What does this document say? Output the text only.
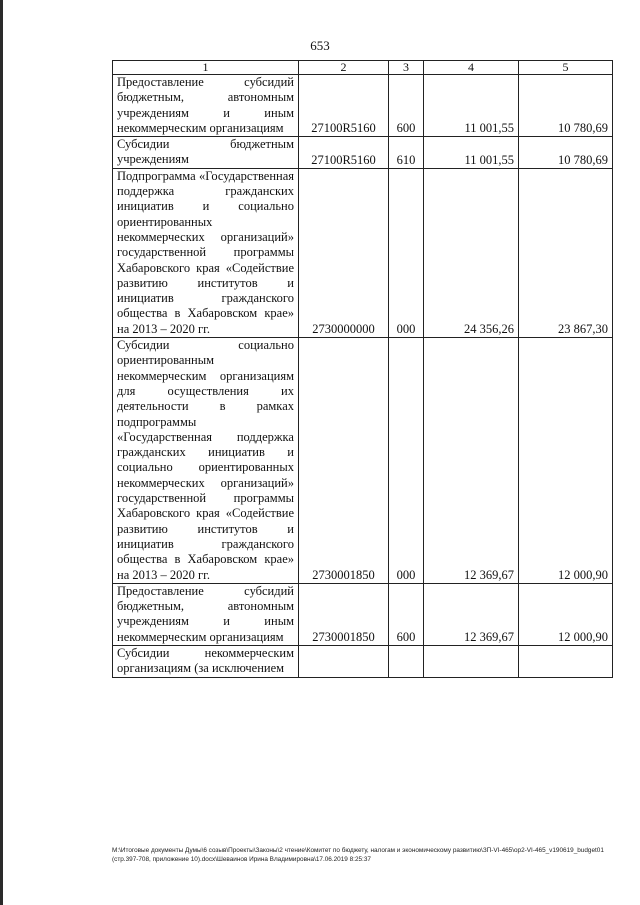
653
1	2	3	4	5
Предоставление субсидий бюджетным, автономным учреждениям и иным некоммерческим организациям	27100R5160	600	11 001,55	10 780,69
Субсидии бюджетным учреждениям	27100R5160	610	11 001,55	10 780,69
Подпрограмма «Государственная поддержка гражданских инициатив и социально ориентированных некоммерческих организаций» государственной программы Хабаровского края «Содействие развитию институтов и инициатив гражданского общества в Хабаровском крае» на 2013 – 2020 гг.	2730000000	000	24 356,26	23 867,30
Субсидии социально ориентированным некоммерческим организациям для осуществления их деятельности в рамках подпрограммы «Государственная поддержка гражданских инициатив и социально ориентированных некоммерческих организаций» государственной программы Хабаровского края «Содействие развитию институтов и инициатив гражданского общества в Хабаровском крае» на 2013 – 2020 гг.	2730001850	000	12 369,67	12 000,90
Предоставление субсидий бюджетным, автономным учреждениям и иным некоммерческим организациям	2730001850	600	12 369,67	12 000,90
Субсидии некоммерческим организациям (за исключением				
M:\Итоговые документы Думы\6 созыв\Проекты\Законы\2 чтение\Комитет по бюджету, налогам и экономическому развитию\ЗП-VI-465\ор2-VI-465_v190619_budget01 (стр.397-708, приложение 10).docx\Шеваинов Ирина Владимировна\17.06.2019 8:25:37
